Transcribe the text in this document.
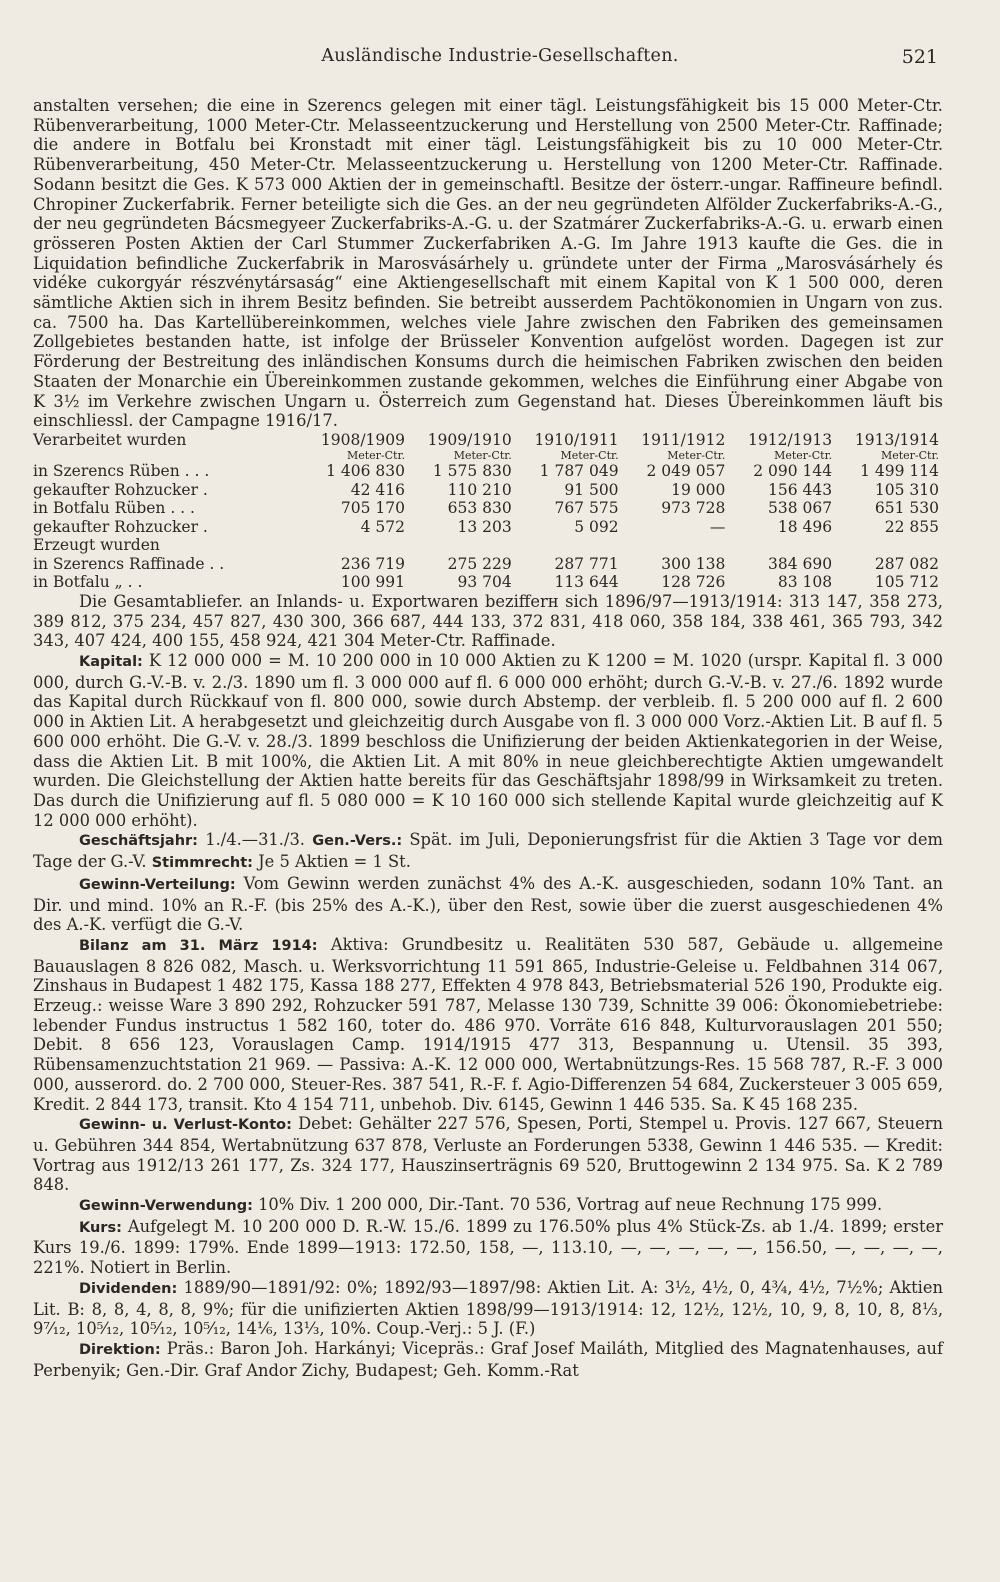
Ausländische Industrie-Gesellschaften.	521

anstalten versehen; die eine in Szerencs gelegen mit einer tägl. Leistungsfähigkeit bis 15 000 Meter-Ctr. Rübenverarbeitung, 1000 Meter-Ctr. Melasseentzuckerung und Herstellung von 2500 Meter-Ctr. Raffinade; die andere in Botfalu bei Kronstadt mit einer tägl. Leistungsfähigkeit bis zu 10 000 Meter-Ctr. Rübenverarbeitung, 450 Meter-Ctr. Melasseentzuckerung u. Herstellung von 1200 Meter-Ctr. Raffinade. Sodann besitzt die Ges. K 573 000 Aktien der in gemeinschaftl. Besitze der österr.-ungar. Raffineure befindl. Chropiner Zuckerfabrik. Ferner beteiligte sich die Ges. an der neu gegründeten Alfölder Zuckerfabriks-A.-G., der neu gegründeten Bácsmegyeer Zuckerfabriks-A.-G. u. der Szatmárer Zuckerfabriks-A.-G. u. erwarb einen grösseren Posten Aktien der Carl Stummer Zuckerfabriken A.-G. Im Jahre 1913 kaufte die Ges. die in Liquidation befindliche Zuckerfabrik in Marosvásárhely u. gründete unter der Firma „Marosvásárhely és vidéke cukorgyár részvénytársaság“ eine Aktiengesellschaft mit einem Kapital von K 1 500 000, deren sämtliche Aktien sich in ihrem Besitz befinden. Sie betreibt ausserdem Pachtökonomien in Ungarn von zus. ca. 7500 ha. Das Kartellübereinkommen, welches viele Jahre zwischen den Fabriken des gemeinsamen Zollgebietes bestanden hatte, ist infolge der Brüsseler Konvention aufgelöst worden. Dagegen ist zur Förderung der Bestreitung des inländischen Konsums durch die heimischen Fabriken zwischen den beiden Staaten der Monarchie ein Übereinkommen zustande gekommen, welches die Einführung einer Abgabe von K 3½ im Verkehre zwischen Ungarn u. Österreich zum Gegenstand hat. Dieses Übereinkommen läuft bis einschliessl. der Campagne 1916/17.

Verarbeitet wurden	1908/1909	1909/1910	1910/1911	1911/1912	1912/1913	1913/1914
	Meter-Ctr.	Meter-Ctr.	Meter-Ctr.	Meter-Ctr.	Meter-Ctr.	Meter-Ctr.
in Szerencs Rüben . . .	1 406 830	1 575 830	1 787 049	2 049 057	2 090 144	1 499 114
gekaufter Rohzucker .	42 416	110 210	91 500	19 000	156 443	105 310
in Botfalu Rüben . . .	705 170	653 830	767 575	973 728	538 067	651 530
gekaufter Rohzucker .	4 572	13 203	5 092	—	18 496	22 855
Erzeugt wurden						
in Szerencs Raffinade . .	236 719	275 229	287 771	300 138	384 690	287 082
in Botfalu „ . .	100 991	93 704	113 644	128 726	83 108	105 712

Die Gesamtabliefer. an Inlands- u. Exportwaren bezifferн sich 1896/97—1913/1914: 313 147, 358 273, 389 812, 375 234, 457 827, 430 300, 366 687, 444 133, 372 831, 418 060, 358 184, 338 461, 365 793, 342 343, 407 424, 400 155, 458 924, 421 304 Meter-Ctr. Raffinade.

Kapital: K 12 000 000 = M. 10 200 000 in 10 000 Aktien zu K 1200 = M. 1020 (urspr. Kapital fl. 3 000 000, durch G.-V.-B. v. 2./3. 1890 um fl. 3 000 000 auf fl. 6 000 000 erhöht; durch G.-V.-B. v. 27./6. 1892 wurde das Kapital durch Rückkauf von fl. 800 000, sowie durch Abstemp. der verbleib. fl. 5 200 000 auf fl. 2 600 000 in Aktien Lit. A herabgesetzt und gleichzeitig durch Ausgabe von fl. 3 000 000 Vorz.-Aktien Lit. B auf fl. 5 600 000 erhöht. Die G.-V. v. 28./3. 1899 beschloss die Unifizierung der beiden Aktienkategorien in der Weise, dass die Aktien Lit. B mit 100%, die Aktien Lit. A mit 80% in neue gleichberechtigte Aktien umgewandelt wurden. Die Gleichstellung der Aktien hatte bereits für das Geschäftsjahr 1898/99 in Wirksamkeit zu treten. Das durch die Unifizierung auf fl. 5 080 000 = K 10 160 000 sich stellende Kapital wurde gleichzeitig auf K 12 000 000 erhöht).

Geschäftsjahr: 1./4.—31./3. Gen.-Vers.: Spät. im Juli, Deponierungsfrist für die Aktien 3 Tage vor dem Tage der G.-V. Stimmrecht: Je 5 Aktien = 1 St.

Gewinn-Verteilung: Vom Gewinn werden zunächst 4% des A.-K. ausgeschieden, sodann 10% Tant. an Dir. und mind. 10% an R.-F. (bis 25% des A.-K.), über den Rest, sowie über die zuerst ausgeschiedenen 4% des A.-K. verfügt die G.-V.

Bilanz am 31. März 1914: Aktiva: Grundbesitz u. Realitäten 530 587, Gebäude u. allgemeine Bauauslagen 8 826 082, Masch. u. Werksvorrichtung 11 591 865, Industrie-Geleise u. Feldbahnen 314 067, Zinshaus in Budapest 1 482 175, Kassa 188 277, Effekten 4 978 843, Betriebsmaterial 526 190, Produkte eig. Erzeug.: weisse Ware 3 890 292, Rohzucker 591 787, Melasse 130 739, Schnitte 39 006: Ökonomiebetriebe: lebender Fundus instructus 1 582 160, toter do. 486 970. Vorräte 616 848, Kulturvorauslagen 201 550; Debit. 8 656 123, Vorauslagen Camp. 1914/1915 477 313, Bespannung u. Utensil. 35 393, Rübensamenzuchtstation 21 969. — Passiva: A.-K. 12 000 000, Wertabnützungs-Res. 15 568 787, R.-F. 3 000 000, ausserord. do. 2 700 000, Steuer-Res. 387 541, R.-F. f. Agio-Differenzen 54 684, Zuckersteuer 3 005 659, Kredit. 2 844 173, transit. Kto 4 154 711, unbehob. Div. 6145, Gewinn 1 446 535. Sa. K 45 168 235.

Gewinn- u. Verlust-Konto: Debet: Gehälter 227 576, Spesen, Porti, Stempel u. Provis. 127 667, Steuern u. Gebühren 344 854, Wertabnützung 637 878, Verluste an Forderungen 5338, Gewinn 1 446 535. — Kredit: Vortrag aus 1912/13 261 177, Zs. 324 177, Hauszinserträgnis 69 520, Bruttogewinn 2 134 975. Sa. K 2 789 848.

Gewinn-Verwendung: 10% Div. 1 200 000, Dir.-Tant. 70 536, Vortrag auf neue Rechnung 175 999.

Kurs: Aufgelegt M. 10 200 000 D. R.-W. 15./6. 1899 zu 176.50% plus 4% Stück-Zs. ab 1./4. 1899; erster Kurs 19./6. 1899: 179%. Ende 1899—1913: 172.50, 158, —, 113.10, —, —, —, —, —, 156.50, —, —, —, —, 221%. Notiert in Berlin.

Dividenden: 1889/90—1891/92: 0%; 1892/93—1897/98: Aktien Lit. A: 3½, 4½, 0, 4¾, 4½, 7½%; Aktien Lit. B: 8, 8, 4, 8, 8, 9%; für die unifizierten Aktien 1898/99—1913/1914: 12, 12½, 12½, 10, 9, 8, 10, 8, 8⅓, 9⁷⁄₁₂, 10⁵⁄₁₂, 10⁵⁄₁₂, 10⁵⁄₁₂, 14⅙, 13⅓, 10%. Coup.-Verj.: 5 J. (F.)

Direktion: Präs.: Baron Joh. Harkányi; Vicepräs.: Graf Josef Mailáth, Mitglied des Magnatenhauses, auf Perbenyik; Gen.-Dir. Graf Andor Zichy, Budapest; Geh. Komm.-Rat
